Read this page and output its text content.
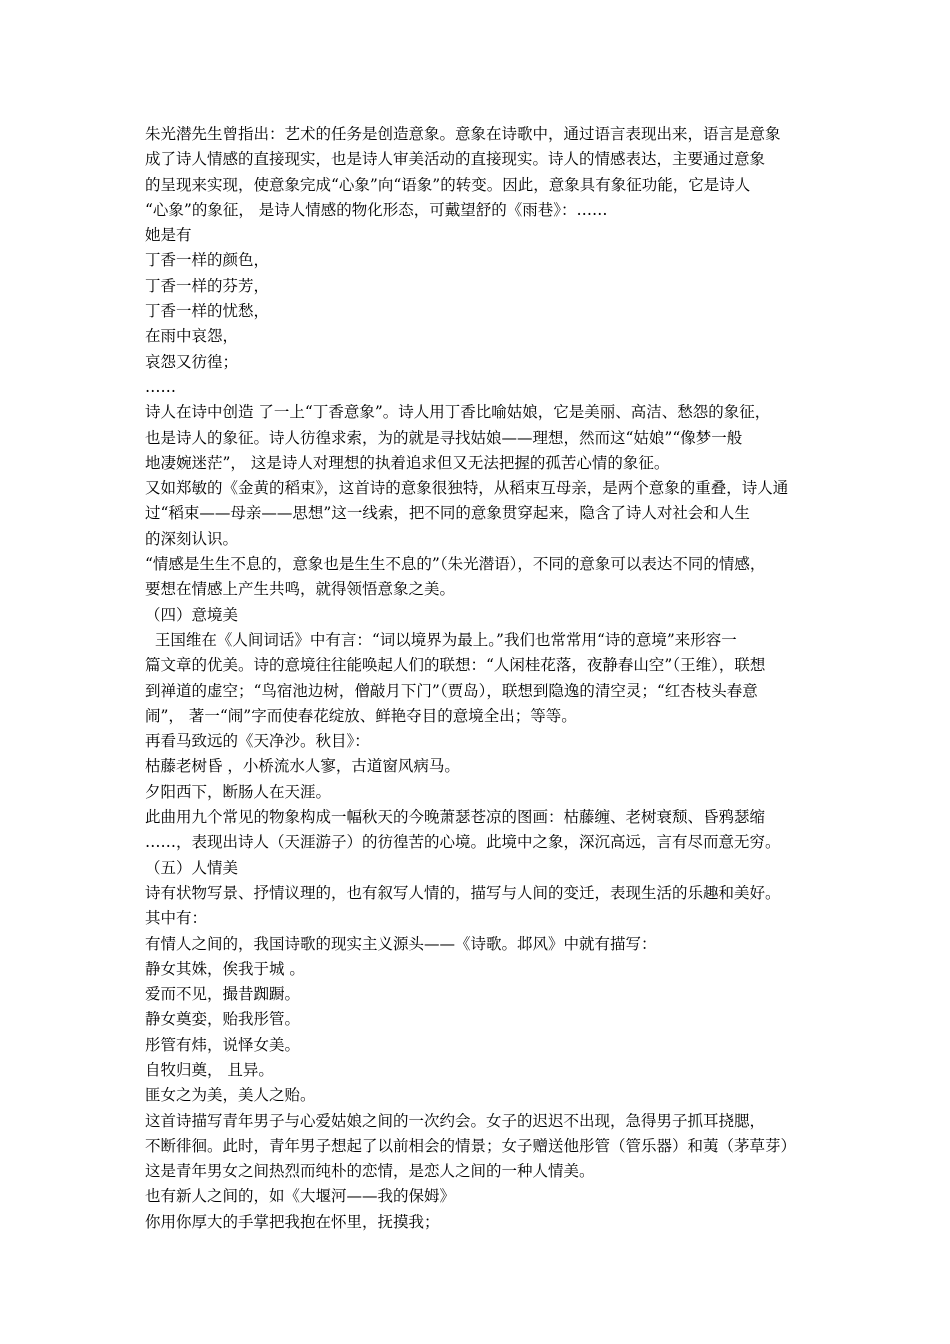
朱光潜先生曾指出：艺术的任务是创造意象。意象在诗歌中，通过语言表现出来，语言是意象
成了诗人情感的直接现实，也是诗人审美活动的直接现实。诗人的情感表达，主要通过意象
的呈现来实现，使意象完成“心象”向“语象”的转变。因此，意象具有象征功能，它是诗人
“心象”的象征， 是诗人情感的物化形态，可戴望舒的《雨巷》：……
她是有
丁香一样的颜色，
丁香一样的芬芳，
丁香一样的忧愁，
在雨中哀怨，
哀怨又彷徨；
……
诗人在诗中创造 了一上“丁香意象”。诗人用丁香比喻姑娘，它是美丽、高洁、愁怨的象征，
也是诗人的象征。诗人彷徨求索，为的就是寻找姑娘——理想，然而这“姑娘”“像梦一般
地凄婉迷茫”， 这是诗人对理想的执着追求但又无法把握的孤苦心情的象征。
又如郑敏的《金黄的稻束》，这首诗的意象很独特，从稻束互母亲，是两个意象的重叠，诗人通
过“稻束——母亲——思想”这一线索，把不同的意象贯穿起来，隐含了诗人对社会和人生
的深刻认识。
“情感是生生不息的，意象也是生生不息的”（朱光潜语），不同的意象可以表达不同的情感，
要想在情感上产生共鸣，就得领悟意象之美。
（四）意境美
王国维在《人间词话》中有言：“词以境界为最上。”我们也常常用“诗的意境”来形容一
篇文章的优美。诗的意境往往能唤起人们的联想：“人闲桂花落，夜静春山空”（王维），联想
到禅道的虚空；“鸟宿池边树，僧敲月下门”（贾岛），联想到隐逸的清空灵；“红杏枝头春意
闹”， 著一“闹”字而使春花绽放、鲜艳夺目的意境全出；等等。
再看马致远的《天净沙。秋目》：
枯藤老树昏 ，小桥流水人寥，古道窗风病马。
夕阳西下，断肠人在天涯。
此曲用九个常见的物象构成一幅秋天的今晚萧瑟苍凉的图画：枯藤缠、老树衰颓、昏鸦瑟缩
……，表现出诗人（天涯游子）的彷徨苦的心境。此境中之象，深沉高远，言有尽而意无穷。
（五）人情美
诗有状物写景、抒情议理的，也有叙写人情的，描写与人间的变迁，表现生活的乐趣和美好。
其中有：
有情人之间的，我国诗歌的现实主义源头——《诗歌。邶风》中就有描写：
静女其姝，俟我于城 。
爱而不见，撮昔踟蹰。
静女奠娈，贻我彤管。
彤管有炜，说怿女美。
自牧归奠， 且异。
匪女之为美，美人之贻。
这首诗描写青年男子与心爱姑娘之间的一次约会。女子的迟迟不出现，急得男子抓耳挠腮，
不断徘徊。此时，青年男子想起了以前相会的情景；女子赠送他彤管（管乐器）和荑（茅草芽）
这是青年男女之间热烈而纯朴的恋情，是恋人之间的一种人情美。
也有新人之间的，如《大堰河——我的保姆》
你用你厚大的手掌把我抱在怀里，抚摸我；
